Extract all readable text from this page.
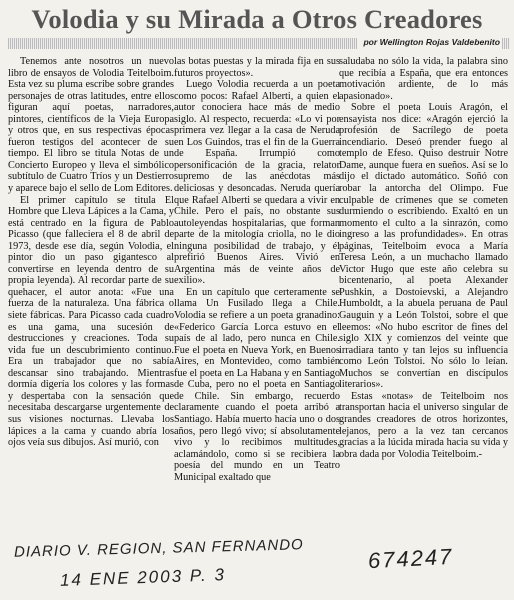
Volodia y su Mirada a Otros Creadores
por Wellington Rojas Valdebenito

Tenemos ante nosotros un nuevo libro de ensayos de Volodia Teitelboim. Esta vez su pluma escribe sobre grandes personajes de otras latitudes, entre ellos figuran aquí poetas, narradores, pintores, científicos de la Vieja Europa y otros que, en sus respectivas épocas fueron testigos del acontecer de su tiempo. El libro se titula Notas de un Concierto Europeo y lleva el simbólico subtítulo de Cuatro Tríos y un Destierro y aparece bajo el sello de Lom Editores.

El primer capítulo se titula El Hombre que Lleva Lápices a la Cama, y está centrado en la figura de Pablo Picasso (que falleciera el 8 de abril de 1973, desde ese día, según Volodia, el pintor dio un paso gigantesco al convertirse en leyenda dentro de su propia leyenda). Al recordar parte de su quehacer, el autor anota: «Fue una fuerza de la naturaleza. Una fábrica o siete fábricas. Para Picasso cada cuadro es una gama, una sucesión de destrucciones y creaciones. Toda su vida fue un descubrimiento continuo. Era un trabajador que no sabía descansar sino trabajando. Mientras dormía digería los colores y las formas y despertaba con la sensación que necesitaba descargarse urgentemente de sus visiones nocturnas. Llevaba los lápices a la cama y cuando abría los ojos veía sus dibujos. Así murió, con

las botas puestas y la mirada fija en sus futuros proyectos».

Luego Volodia recuerda a un poeta como pocos: Rafael Alberti, a quien el autor conociera hace más de medio siglo. Al respecto, recuerda: «Lo vi por primera vez llegar a la casa de Neruda en Los Guindos, tras el fin de la Guerra de España. Irrumpió como personificación de la gracia, relator supremo de las anécdotas más deliciosas y desoncadas. Neruda quería que Rafael Alberti se quedara a vivir en Chile. Pero el país, no obstante sus autoleyendas hospitalarias, que forman parte de la mitología criolla, no le dio ninguna posibilidad de trabajo, y él prefirió Buenos Aires. Vivió en Argentina más de veinte años de exilio».

En un capítulo que certeramente se llama Un Fusilado llega a Chile. Volodia se refiere a un poeta granadino: «Federico García Lorca estuvo en el país de al lado, pero nunca en Chile. Fue el poeta en Nueva York, en Buenos Aires, en Montevideo, como también fue el poeta en La Habana y en Santiago de Cuba, pero no el poeta en Santiago de Chile. Sin embargo, recuerdo claramente cuando el poeta arribó a Santiago. Había muerto hacía uno o dos años, pero llegó vivo; sí absolutamente vivo y lo recibimos multitudes, aclamándolo, como si se recibiera la poesía del mundo en un Teatro Municipal exaltado que

saludaba no sólo la vida, la palabra sino que recibía a España, que era entonces motivación ardiente, de lo más apasionado».

Sobre el poeta Louis Aragón, el ensayista nos dice: «Aragón ejerció la profesión de Sacrílego de poeta incendiario. Deseó prender fuego al templo de Efeso. Quiso destruir Notre Dame, aunque fuera en sueños. Así se lo dijo el dictado automático. Soñó con robar la antorcha del Olimpo. Fue culpable de crímenes que se cometen durmiendo o escribiendo. Exaltó en un momento el culto a la sinrazón, como ingreso a las profundidades». En otras páginas, Teitelboim evoca a María Teresa León, a un muchacho llamado Victor Hugo que este año celebra su bicentenario, al poeta Alexander Pushkin, a Dostoievski, a Alejandro Humboldt, a la abuela peruana de Paul Gauguin y a León Tolstoi, sobre el que leemos: «No hubo escritor de fines del siglo XIX y comienzos del veinte que irradiara tanto y tan lejos su influencia como León Tolstoi. No sólo lo leían. Muchos se convertían en discípulos literarios».

Estas «notas» de Teitelboim nos transportan hacia el universo singular de grandes creadores de otros horizontes, lejanos, pero a la vez tan cercanos gracias a la lúcida mirada hacia su vida y obra dada por Volodia Teitelboim.-

DIARIO V. REGION, SAN FERNANDO
14 ENE 2003 P. 3
674247
